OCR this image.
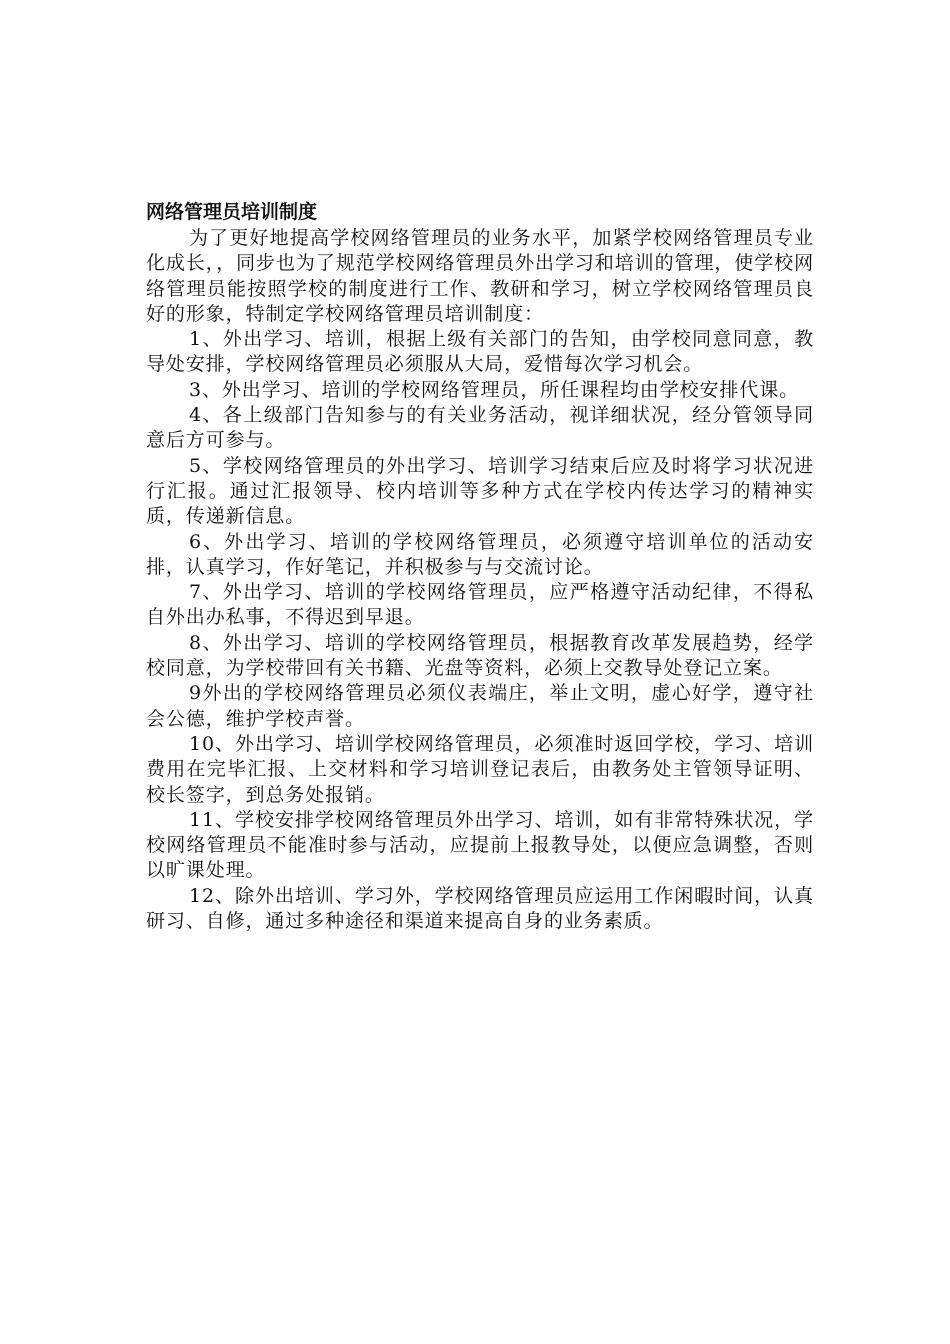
网络管理员培训制度

为了更好地提高学校网络管理员的业务水平，加紧学校网络管理员专业化成长，，同步也为了规范学校网络管理员外出学习和培训的管理，使学校网络管理员能按照学校的制度进行工作、教研和学习，树立学校网络管理员良好的形象，特制定学校网络管理员培训制度：

1、外出学习、培训，根据上级有关部门的告知，由学校同意同意，教导处安排，学校网络管理员必须服从大局，爱惜每次学习机会。

3、外出学习、培训的学校网络管理员，所任课程均由学校安排代课。

4、各上级部门告知参与的有关业务活动，视详细状况，经分管领导同意后方可参与。

5、学校网络管理员的外出学习、培训学习结束后应及时将学习状况进行汇报。通过汇报领导、校内培训等多种方式在学校内传达学习的精神实质，传递新信息。

6、外出学习、培训的学校网络管理员，必须遵守培训单位的活动安排，认真学习，作好笔记，并积极参与与交流讨论。

7、外出学习、培训的学校网络管理员，应严格遵守活动纪律，不得私自外出办私事，不得迟到早退。

8、外出学习、培训的学校网络管理员，根据教育改革发展趋势，经学校同意，为学校带回有关书籍、光盘等资料，必须上交教导处登记立案。

9外出的学校网络管理员必须仪表端庄，举止文明，虚心好学，遵守社会公德，维护学校声誉。

10、外出学习、培训学校网络管理员，必须准时返回学校，学习、培训费用在完毕汇报、上交材料和学习培训登记表后，由教务处主管领导证明、校长签字，到总务处报销。

11、学校安排学校网络管理员外出学习、培训，如有非常特殊状况，学校网络管理员不能准时参与活动，应提前上报教导处，以便应急调整，否则以旷课处理。

12、除外出培训、学习外，学校网络管理员应运用工作闲暇时间，认真研习、自修，通过多种途径和渠道来提高自身的业务素质。
